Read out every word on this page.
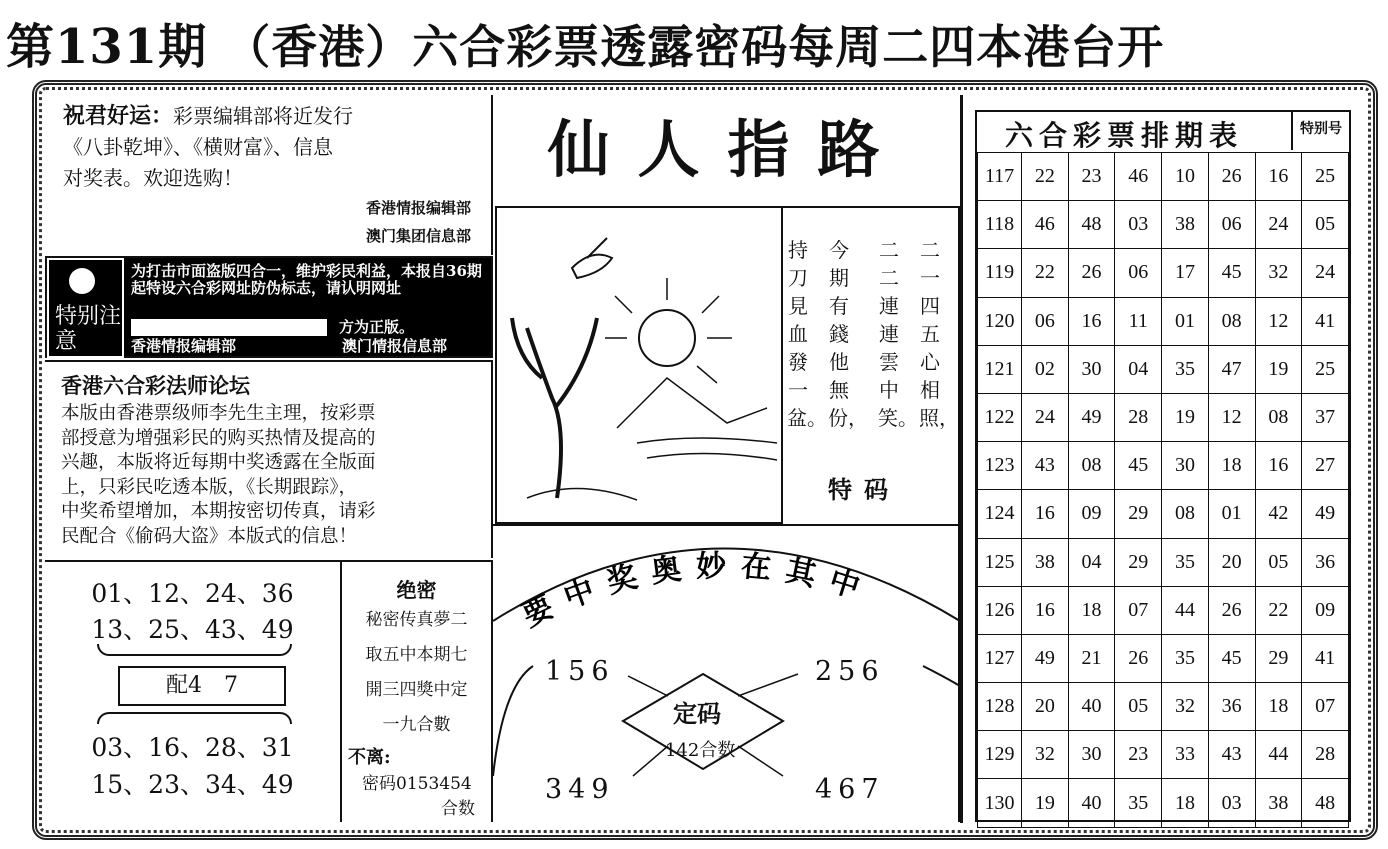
第131期 （香港）六合彩票透露密码每周二四本港台开

祝君好运：彩票编辑部将近发行

《八卦乾坤》、《横财富》、信息

对奖表。欢迎选购！

香港情报编辑部

澳门集团信息部

特别注意
为打击市面盗版四合一，维护彩民利益，本报自36期起特设六合彩网址防伪标志，请认明网址
方为正版。
香港情报编辑部	澳门情报信息部
香港六合彩法师论坛

本版由香港票级师李先生主理，按彩票

部授意为增强彩民的购买热情及提高的

兴趣，本版将近每期中奖透露在全版面

上，只彩民吃透本版，《长期跟踪》，

中奖希望增加，本期按密切传真，请彩

民配合《偷码大盗》本版式的信息！

01、12、24、36
13、25、43、49
配4　7
03、16、28、31
15、23、34、49
绝密
秘密传真夢二
取五中本期七
開三四獎中定
一九合數
不离:
密码0153454
合数
仙人指路
二一四五心相照，
二二連連雲中笑。
今期有錢他無份，
持刀見血發一盆。
特码
要中奖奥妙在其中
156	256
349	467
定码
142合数
六合彩票排期表	特别号
117	22	23	46	10	26	16	25
118	46	48	03	38	06	24	05
119	22	26	06	17	45	32	24
120	06	16	11	01	08	12	41
121	02	30	04	35	47	19	25
122	24	49	28	19	12	08	37
123	43	08	45	30	18	16	27
124	16	09	29	08	01	42	49
125	38	04	29	35	20	05	36
126	16	18	07	44	26	22	09
127	49	21	26	35	45	29	41
128	20	40	05	32	36	18	07
129	32	30	23	33	43	44	28
130	19	40	35	18	03	38	48
